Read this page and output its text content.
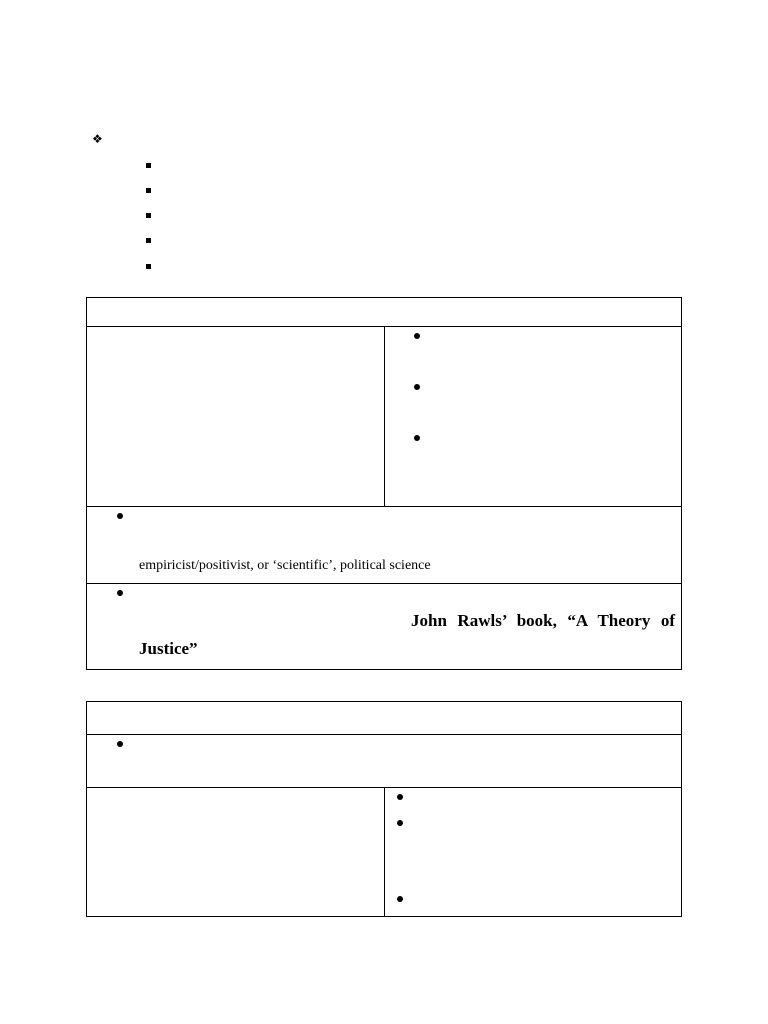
❖
empiricist/positivist, or ‘scientific’, political science
John Rawls’ book, “A Theory of
Justice”
